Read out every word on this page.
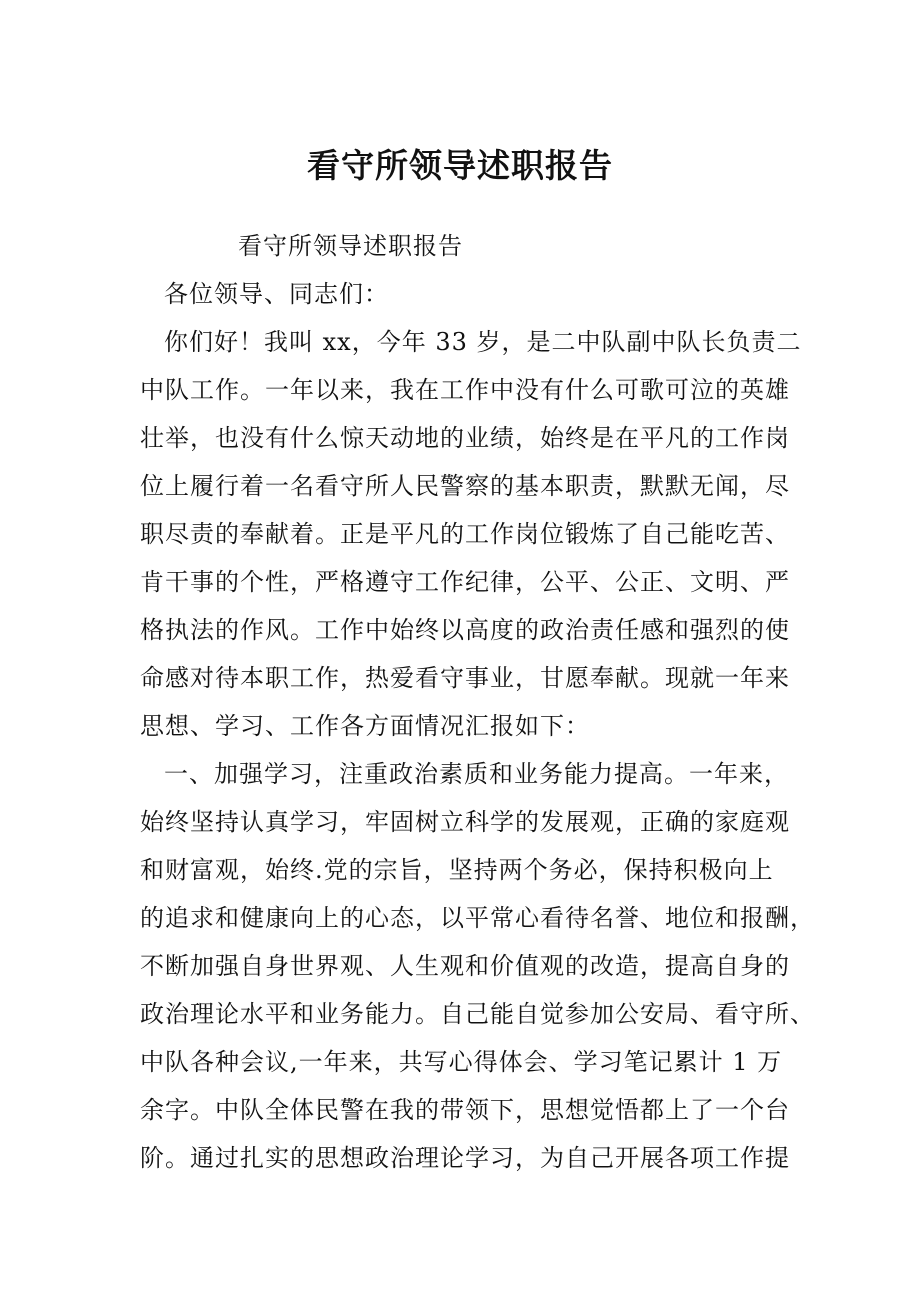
看守所领导述职报告
看守所领导述职报告
各位领导、同志们：
你们好！我叫 xx，今年 33 岁，是二中队副中队长负责二
中队工作。一年以来，我在工作中没有什么可歌可泣的英雄
壮举，也没有什么惊天动地的业绩，始终是在平凡的工作岗
位上履行着一名看守所人民警察的基本职责，默默无闻，尽
职尽责的奉献着。正是平凡的工作岗位锻炼了自己能吃苦、
肯干事的个性，严格遵守工作纪律，公平、公正、文明、严
格执法的作风。工作中始终以高度的政治责任感和强烈的使
命感对待本职工作，热爱看守事业，甘愿奉献。现就一年来
思想、学习、工作各方面情况汇报如下：
一、加强学习，注重政治素质和业务能力提高。一年来，
始终坚持认真学习，牢固树立科学的发展观，正确的家庭观
和财富观，始终.党的宗旨，坚持两个务必，保持积极向上
的追求和健康向上的心态，以平常心看待名誉、地位和报酬，
不断加强自身世界观、人生观和价值观的改造，提高自身的
政治理论水平和业务能力。自己能自觉参加公安局、看守所、
中队各种会议,一年来，共写心得体会、学习笔记累计 1 万
余字。中队全体民警在我的带领下，思想觉悟都上了一个台
阶。通过扎实的思想政治理论学习，为自己开展各项工作提
